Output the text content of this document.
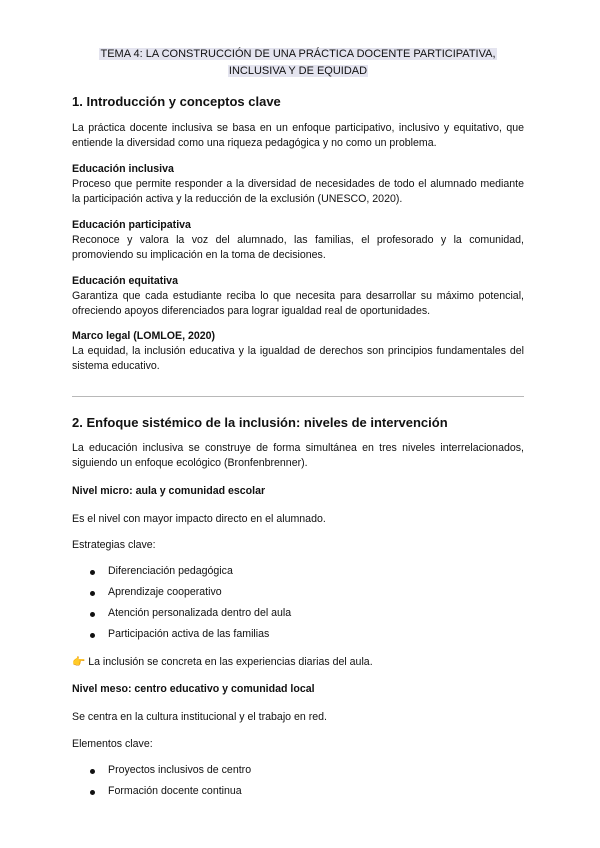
TEMA 4: LA CONSTRUCCIÓN DE UNA PRÁCTICA DOCENTE PARTICIPATIVA,
INCLUSIVA Y DE EQUIDAD
1. Introducción y conceptos clave
La práctica docente inclusiva se basa en un enfoque participativo, inclusivo y equitativo, que entiende la diversidad como una riqueza pedagógica y no como un problema.
Educación inclusiva
Proceso que permite responder a la diversidad de necesidades de todo el alumnado mediante la participación activa y la reducción de la exclusión (UNESCO, 2020).
Educación participativa
Reconoce y valora la voz del alumnado, las familias, el profesorado y la comunidad, promoviendo su implicación en la toma de decisiones.
Educación equitativa
Garantiza que cada estudiante reciba lo que necesita para desarrollar su máximo potencial, ofreciendo apoyos diferenciados para lograr igualdad real de oportunidades.
Marco legal (LOMLOE, 2020)
La equidad, la inclusión educativa y la igualdad de derechos son principios fundamentales del sistema educativo.
2. Enfoque sistémico de la inclusión: niveles de intervención
La educación inclusiva se construye de forma simultánea en tres niveles interrelacionados, siguiendo un enfoque ecológico (Bronfenbrenner).
Nivel micro: aula y comunidad escolar
Es el nivel con mayor impacto directo en el alumnado.
Estrategias clave:
Diferenciación pedagógica
Aprendizaje cooperativo
Atención personalizada dentro del aula
Participación activa de las familias
👉 La inclusión se concreta en las experiencias diarias del aula.
Nivel meso: centro educativo y comunidad local
Se centra en la cultura institucional y el trabajo en red.
Elementos clave:
Proyectos inclusivos de centro
Formación docente continua
